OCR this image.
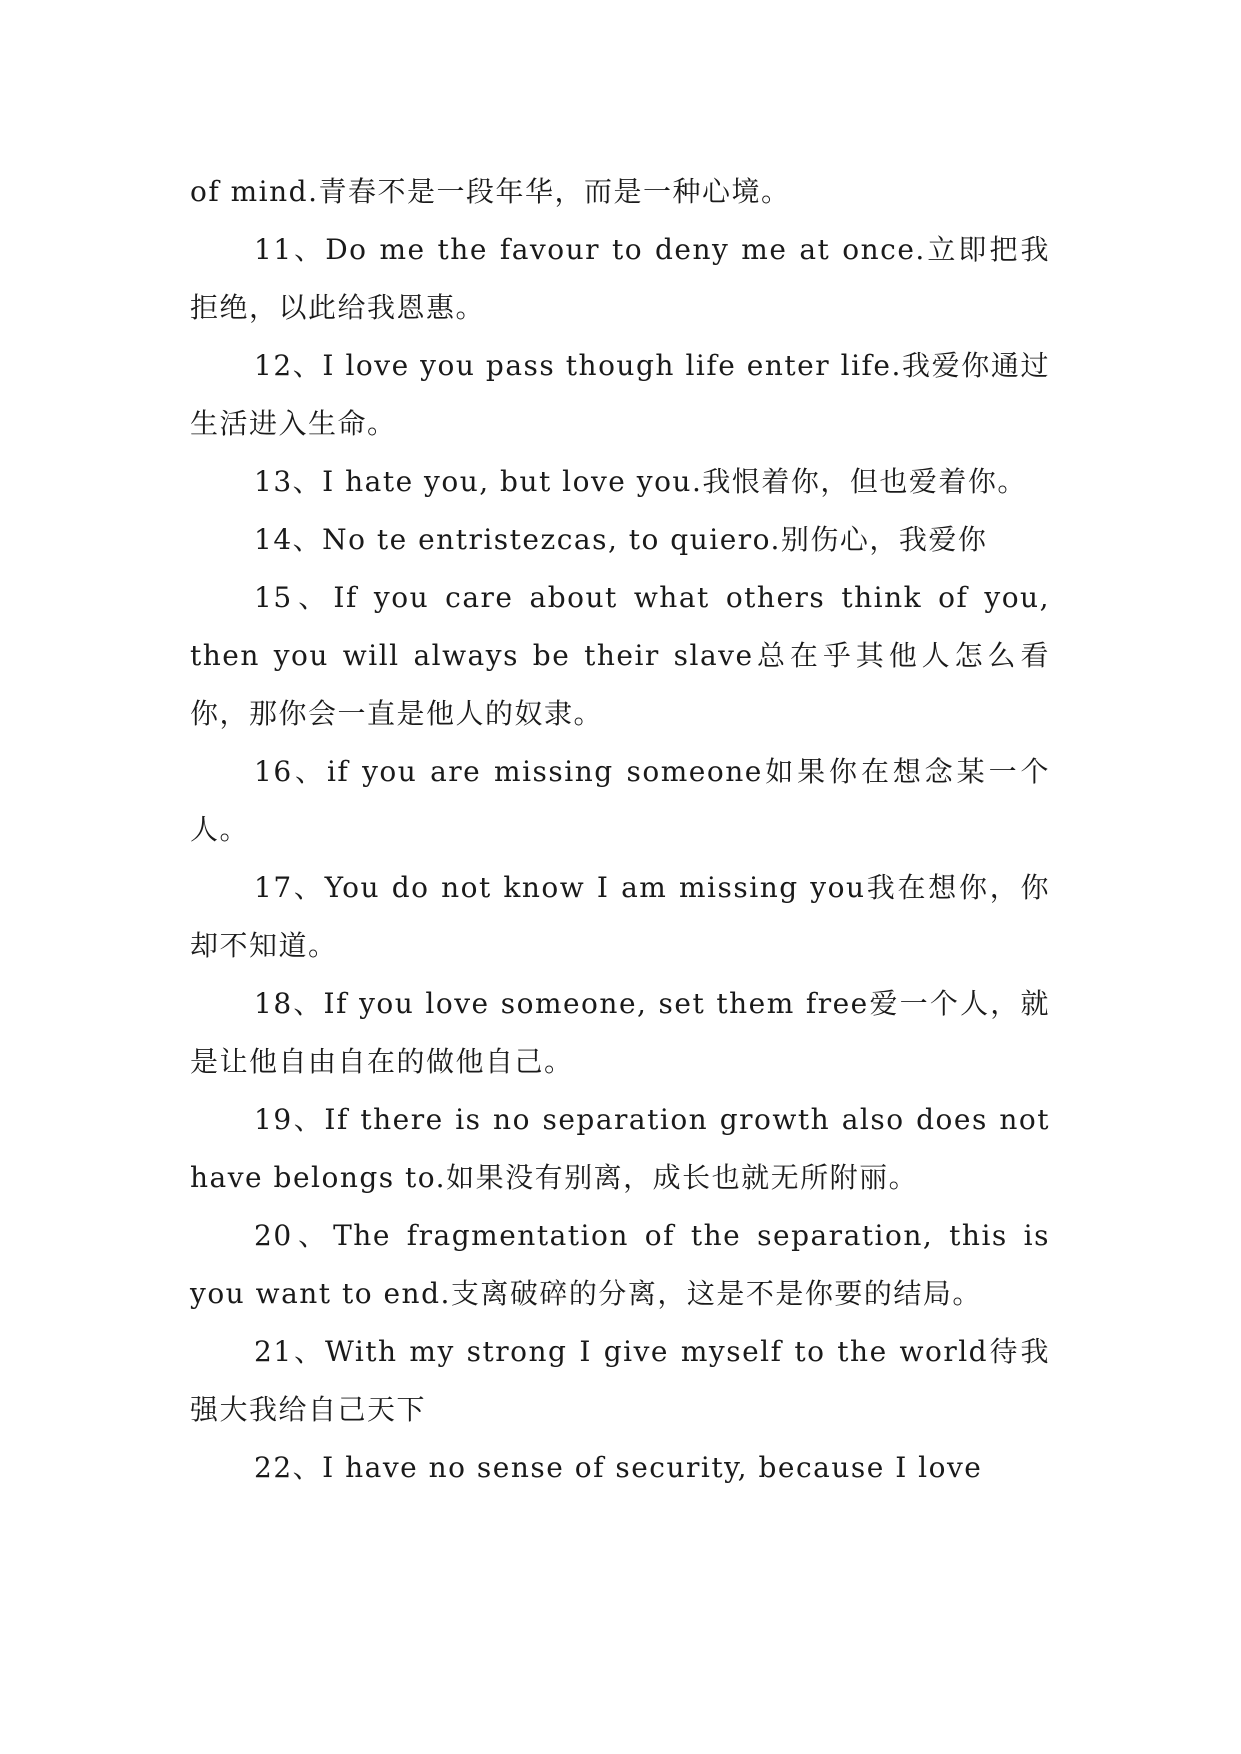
of mind.青春不是一段年华，而是一种心境。

11、Do me the favour to deny me at once.立即把我拒绝，以此给我恩惠。

12、I love you pass though life enter life.我爱你通过生活进入生命。

13、I hate you, but love you.我恨着你，但也爱着你。

14、No te entristezcas, to quiero.别伤心，我爱你

15、If you care about what others think of you, then you will always be their slave总在乎其他人怎么看你，那你会一直是他人的奴隶。

16、if you are missing someone如果你在想念某一个人。

17、You do not know I am missing you我在想你，你却不知道。

18、If you love someone, set them free爱一个人，就是让他自由自在的做他自己。

19、If there is no separation growth also does not have belongs to.如果没有别离，成长也就无所附丽。

20、The fragmentation of the separation, this is you want to end.支离破碎的分离，这是不是你要的结局。

21、With my strong I give myself to the world待我强大我给自己天下

22、I have no sense of security, because I love
